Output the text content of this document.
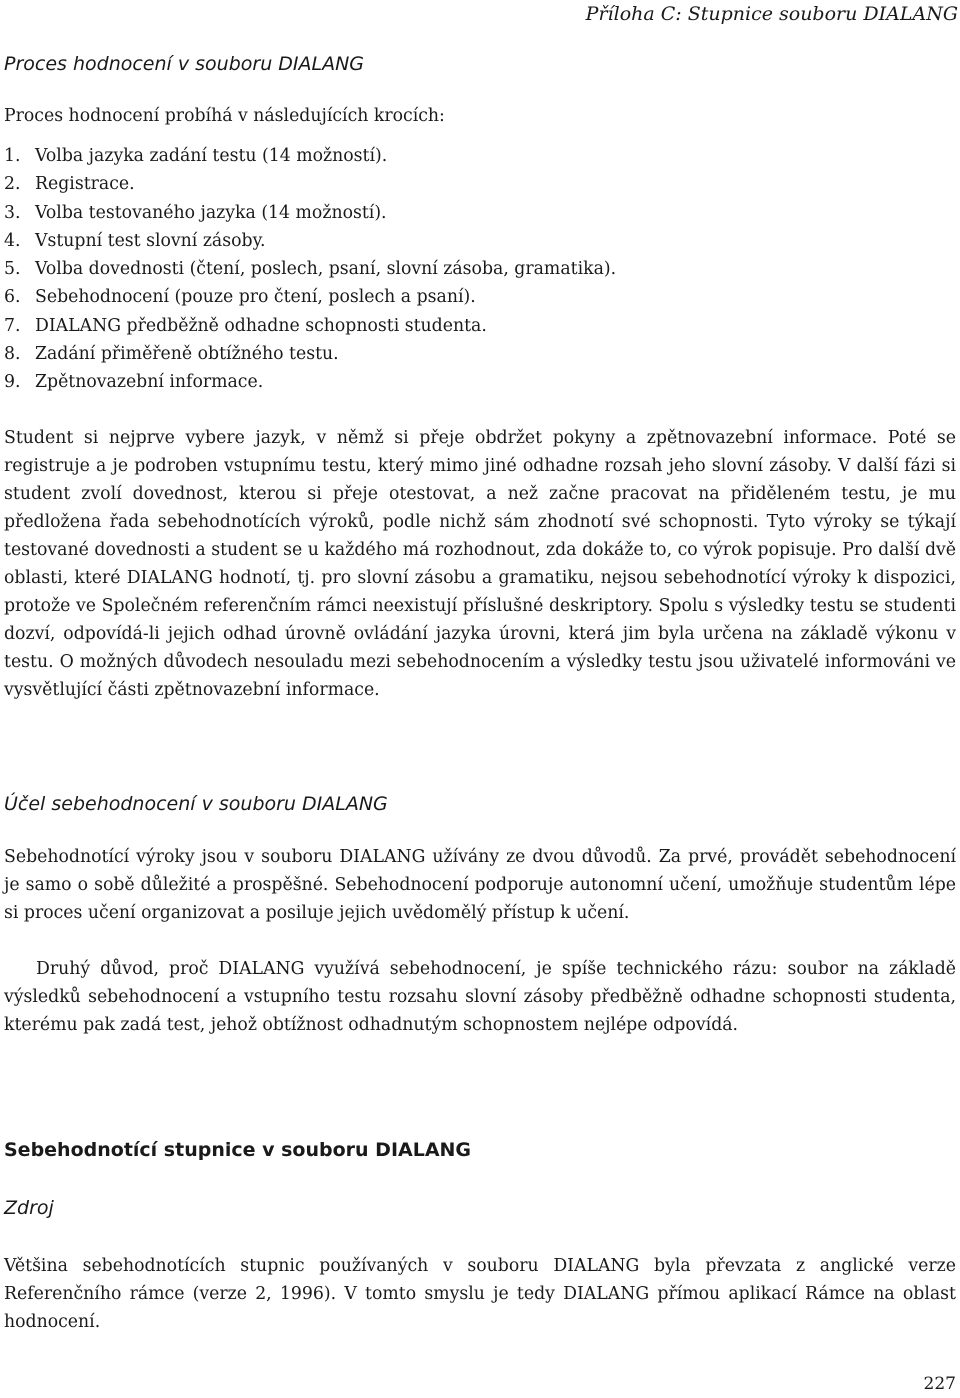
Příloha C: Stupnice souboru DIALANG
Proces hodnocení v souboru DIALANG

Proces hodnocení probíhá v následujících krocích:

1. Volba jazyka zadání testu (14 možností).
2. Registrace.
3. Volba testovaného jazyka (14 možností).
4. Vstupní test slovní zásoby.
5. Volba dovednosti (čtení, poslech, psaní, slovní zásoba, gramatika).
6. Sebehodnocení (pouze pro čtení, poslech a psaní).
7. DIALANG předběžně odhadne schopnosti studenta.
8. Zadání přiměřeně obtížného testu.
9. Zpětnovazební informace.

Student si nejprve vybere jazyk, v němž si přeje obdržet pokyny a zpětnovazební informace. Poté se registruje a je podroben vstupnímu testu, který mimo jiné odhadne rozsah jeho slovní zásoby. V další fázi si student zvolí dovednost, kterou si přeje otestovat, a než začne pracovat na přiděleném testu, je mu předložena řada sebehodnotících výroků, podle nichž sám zhodnotí své schopnosti. Tyto výroky se týkají testované dovednosti a student se u každého má rozhodnout, zda dokáže to, co výrok popisuje. Pro další dvě oblasti, které DIALANG hodnotí, tj. pro slovní zásobu a gramatiku, nejsou sebehodnotící výroky k dispozici, protože ve Společném referenčním rámci neexistují příslušné deskriptory. Spolu s výsledky testu se studenti dozví, odpovídá-li jejich odhad úrovně ovládání jazyka úrovni, která jim byla určena na základě výkonu v testu. O možných důvodech nesouladu mezi sebehodnocením a výsledky testu jsou uživatelé informováni ve vysvětlující části zpětnovazební informace.

Účel sebehodnocení v souboru DIALANG

Sebehodnotící výroky jsou v souboru DIALANG užívány ze dvou důvodů. Za prvé, provádět sebehodnocení je samo o sobě důležité a prospěšné. Sebehodnocení podporuje autonomní učení, umožňuje studentům lépe si proces učení organizovat a posiluje jejich uvědomělý přístup k učení.

Druhý důvod, proč DIALANG využívá sebehodnocení, je spíše technického rázu: soubor na základě výsledků sebehodnocení a vstupního testu rozsahu slovní zásoby předběžně odhadne schopnosti studenta, kterému pak zadá test, jehož obtížnost odhadnutým schopnostem nejlépe odpovídá.

Sebehodnotící stupnice v souboru DIALANG
Zdroj

Většina sebehodnotících stupnic používaných v souboru DIALANG byla převzata z anglické verze Referenčního rámce (verze 2, 1996). V tomto smyslu je tedy DIALANG přímou aplikací Rámce na oblast hodnocení.

227
